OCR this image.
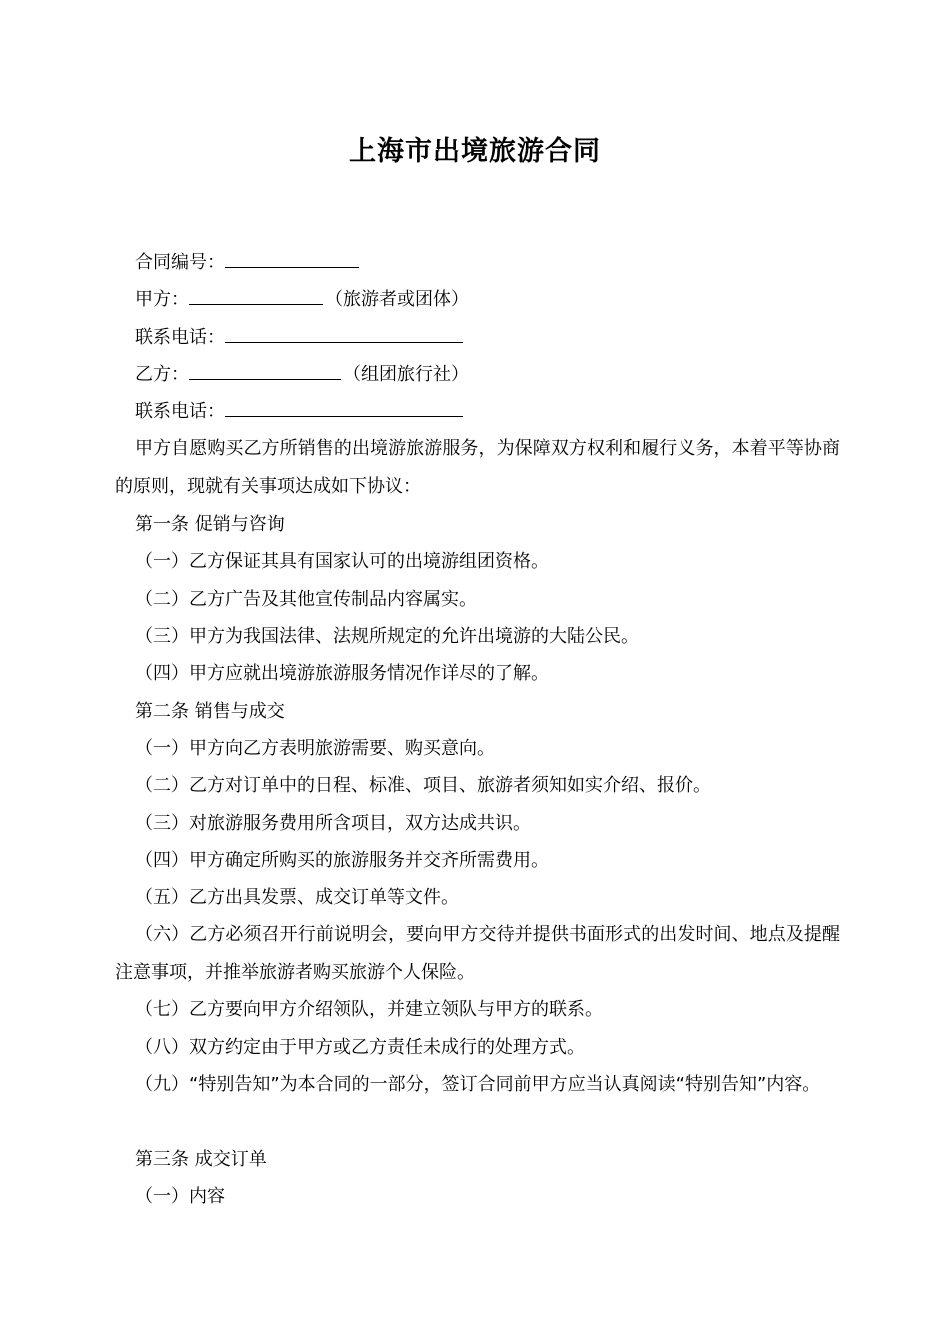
上海市出境旅游合同
合同编号：
甲方：	（旅游者或团体）
联系电话：
乙方：	（组团旅行社）
联系电话：
甲方自愿购买乙方所销售的出境游旅游服务，为保障双方权利和履行义务，本着平等协商的原则，现就有关事项达成如下协议：
第一条 促销与咨询
（一）乙方保证其具有国家认可的出境游组团资格。
（二）乙方广告及其他宣传制品内容属实。
（三）甲方为我国法律、法规所规定的允许出境游的大陆公民。
（四）甲方应就出境游旅游服务情况作详尽的了解。
第二条 销售与成交
（一）甲方向乙方表明旅游需要、购买意向。
（二）乙方对订单中的日程、标准、项目、旅游者须知如实介绍、报价。
（三）对旅游服务费用所含项目，双方达成共识。
（四）甲方确定所购买的旅游服务并交齐所需费用。
（五）乙方出具发票、成交订单等文件。
（六）乙方必须召开行前说明会，要向甲方交待并提供书面形式的出发时间、地点及提醒注意事项，并推举旅游者购买旅游个人保险。
（七）乙方要向甲方介绍领队，并建立领队与甲方的联系。
（八）双方约定由于甲方或乙方责任未成行的处理方式。
（九）“特别告知”为本合同的一部分，签订合同前甲方应当认真阅读“特别告知”内容。
第三条 成交订单
（一）内容
